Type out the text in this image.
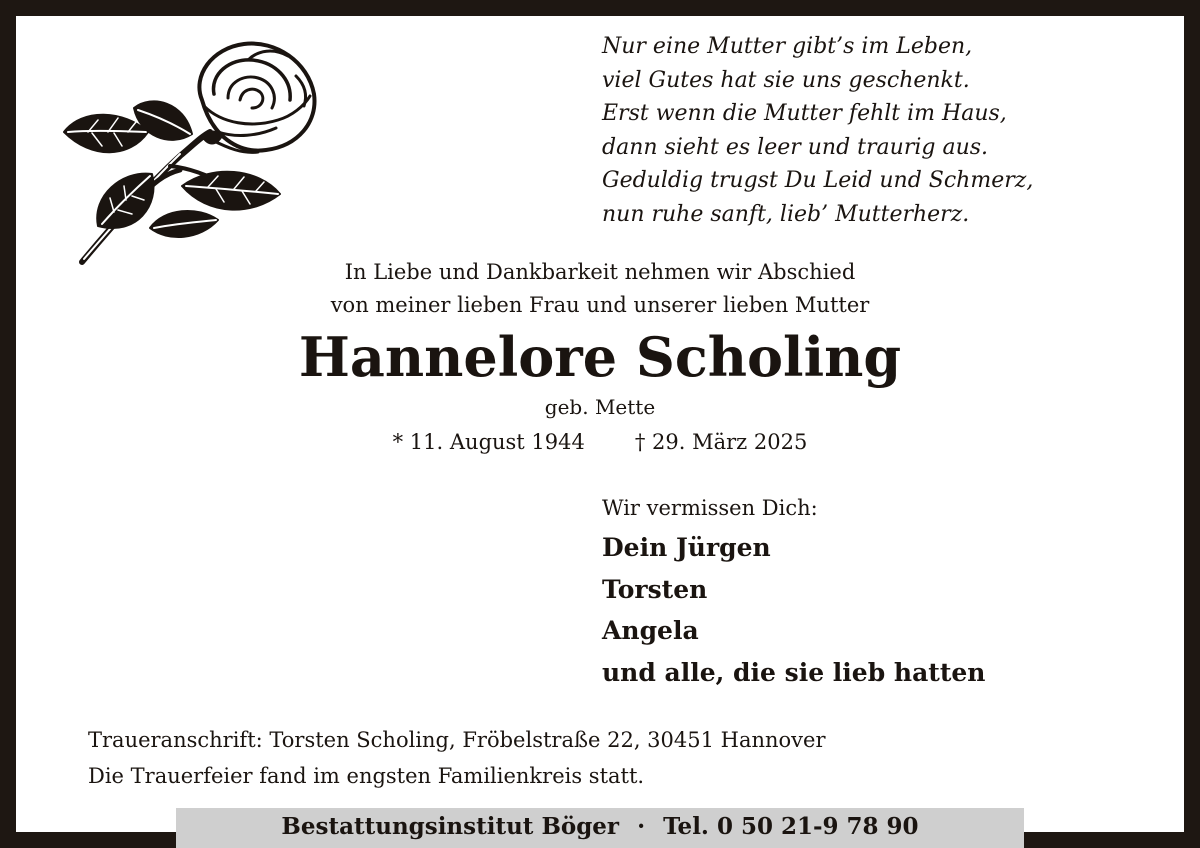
Nur eine Mutter gibt’s im Leben,
viel Gutes hat sie uns geschenkt.
Erst wenn die Mutter fehlt im Haus,
dann sieht es leer und traurig aus.
Geduldig trugst Du Leid und Schmerz,
nun ruhe sanft, lieb’ Mutterherz.
In Liebe und Dankbarkeit nehmen wir Abschied
von meiner lieben Frau und unserer lieben Mutter
Hannelore Scholing
geb. Mette
* 11. August 1944 † 29. März 2025
Wir vermissen Dich:
Dein Jürgen
Torsten
Angela
und alle, die sie lieb hatten
Traueranschrift: Torsten Scholing, Fröbelstraße 22, 30451 Hannover
Die Trauerfeier fand im engsten Familienkreis statt.
Bestattungsinstitut Böger · Tel. 0 50 21-9 78 90
